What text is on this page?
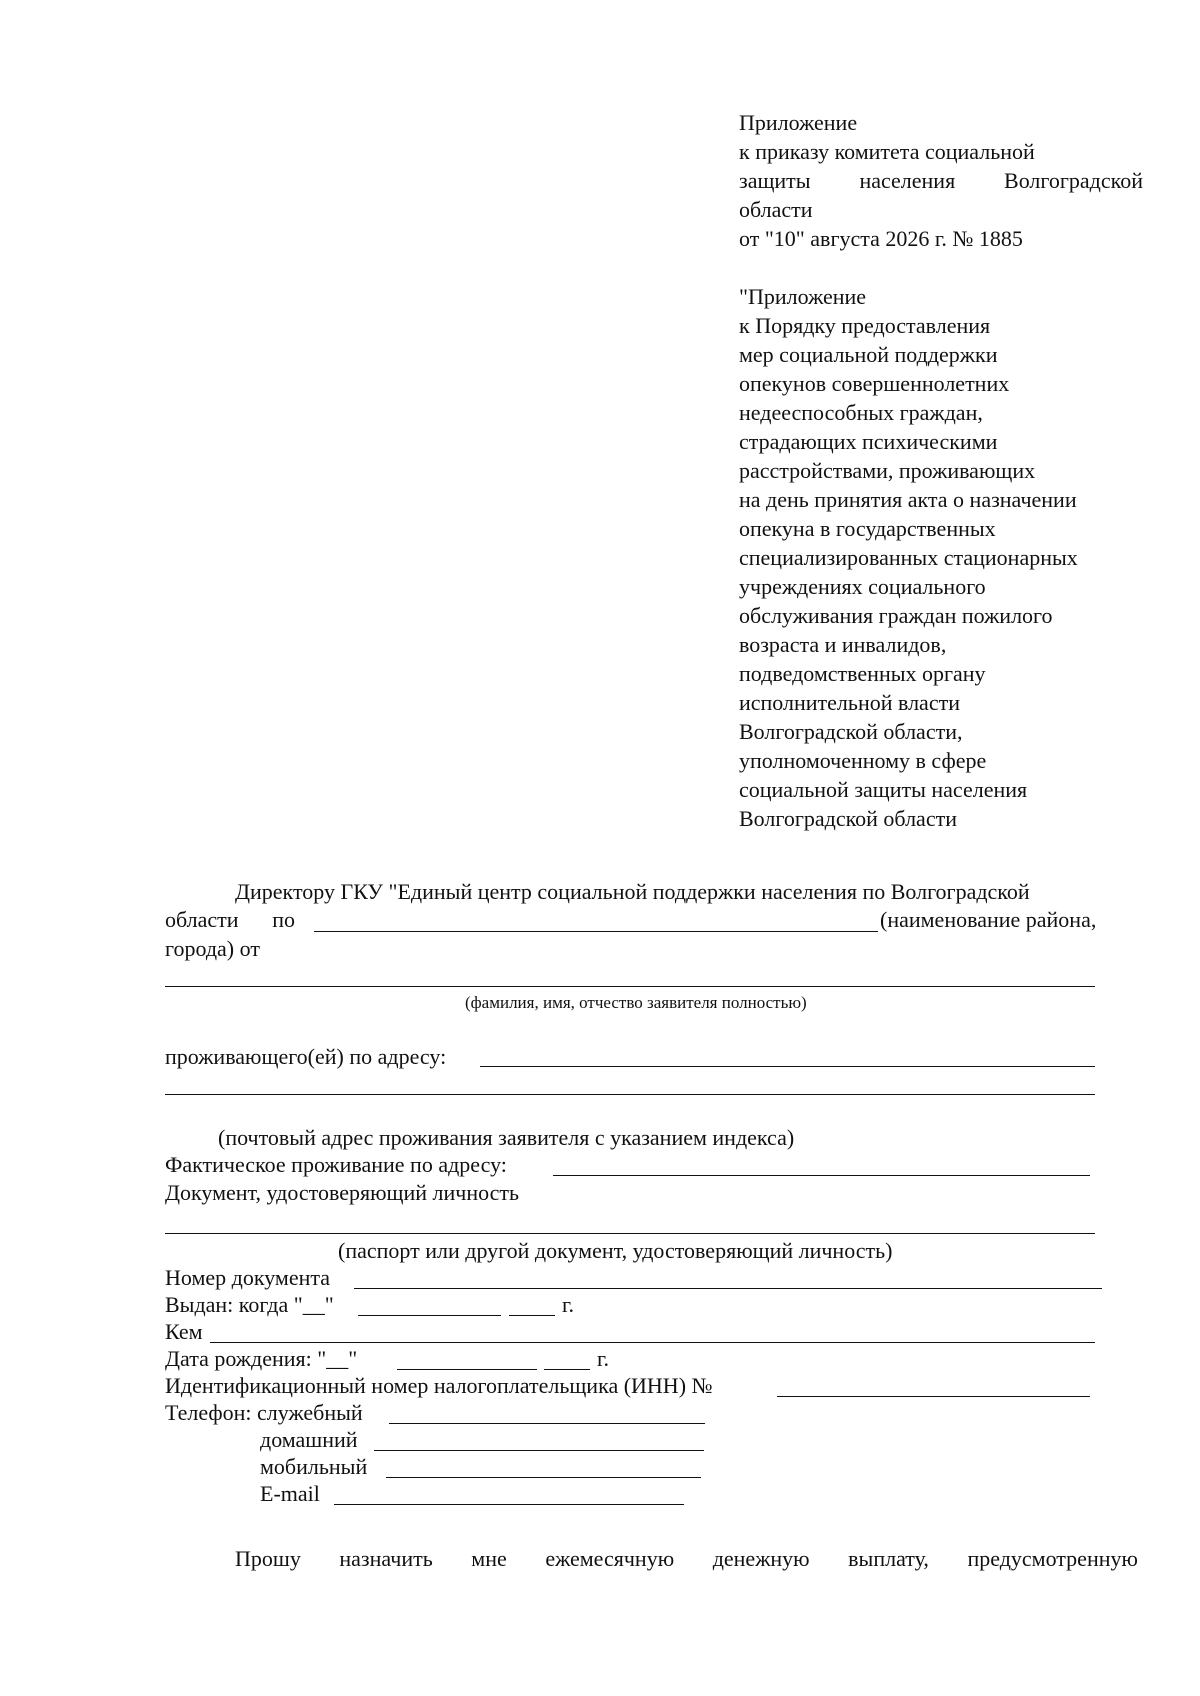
Приложение
к приказу комитета социальной
защиты населения Волгоградской
области
от "10" августа 2026 г. № 1885
"Приложение
к Порядку предоставления
мер социальной поддержки
опекунов совершеннолетних
недееспособных граждан,
страдающих психическими
расстройствами, проживающих
на день принятия акта о назначении
опекуна в государственных
специализированных стационарных
учреждениях социального
обслуживания граждан пожилого
возраста и инвалидов,
подведомственных органу
исполнительной власти
Волгоградской области,
уполномоченному в сфере
социальной защиты населения
Волгоградской области
Директору ГКУ "Единый центр социальной поддержки населения по Волгоградской
области по	(наименование района,
города) от
(фамилия, имя, отчество заявителя полностью)
проживающего(ей) по адресу:
(почтовый адрес проживания заявителя с указанием индекса)
Фактическое проживание по адресу:
Документ, удостоверяющий личность
(паспорт или другой документ, удостоверяющий личность)
Номер документа
Выдан: когда "__"	г.
Кем
Дата рождения: "__"	г.
Идентификационный номер налогоплательщика (ИНН) №
Телефон: служебный
домашний
мобильный
E-mail
Прошу назначить мне ежемесячную денежную выплату, предусмотренную
